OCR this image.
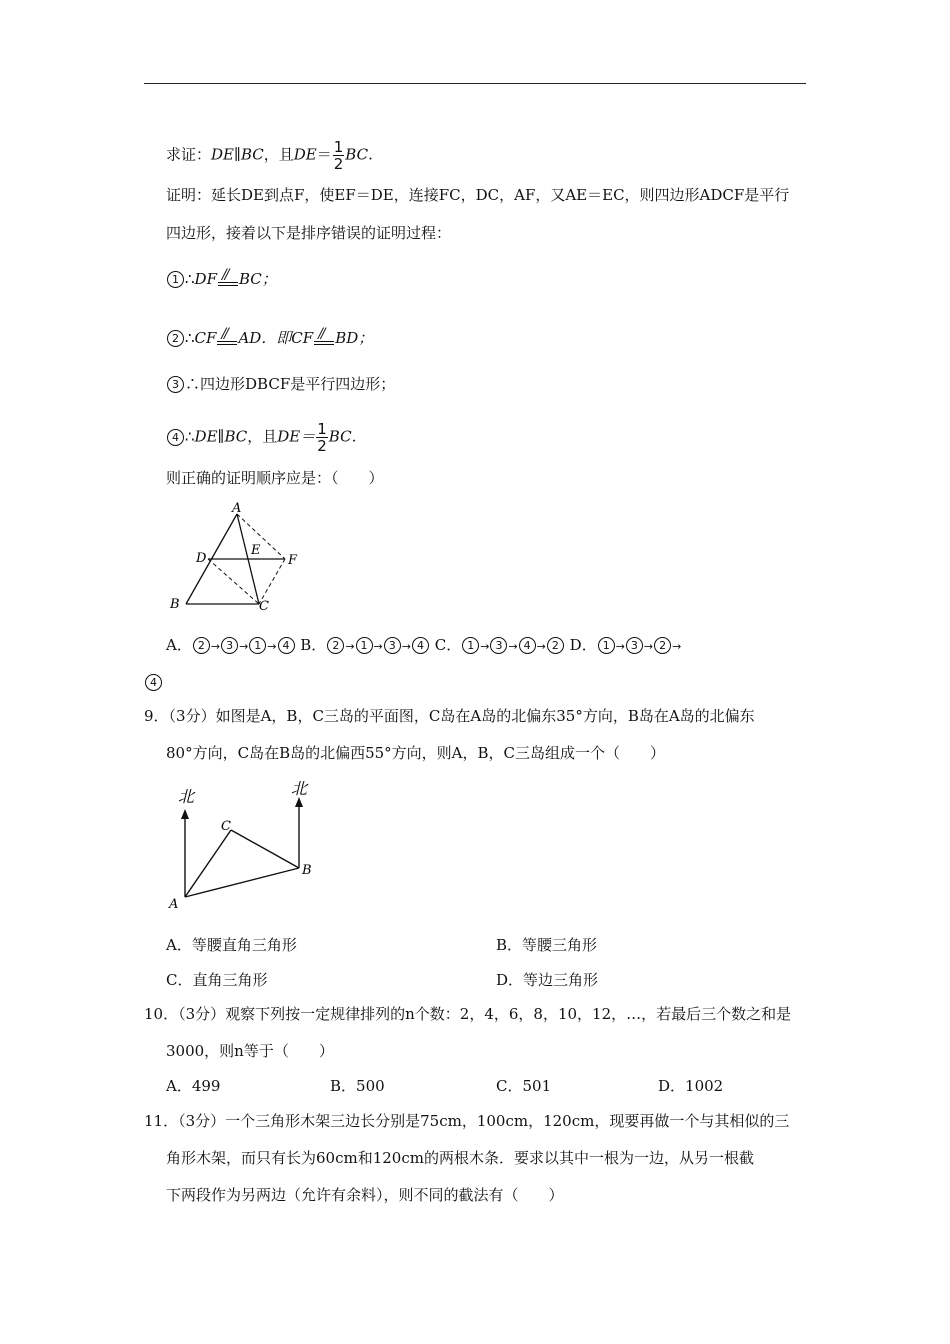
求证：DE∥BC，且$DE= \frac{1}{2}$ BC.
证明：延长DE到点F，使EF＝DE，连接FC，DC，AF，又AE＝EC，则四边形ADCF是平行
四边形，接着以下是排序错误的证明过程：
1 ∴DF // BC；
2 ∴CF // AD．即CF // BD；
3 ∴四边形DBCF是平行四边形；
4 ∴DE∥BC，且$DE= \frac{1}{2}$ BC．
则正确的证明顺序应是：（　　）
A
B	C
D
E
F
A． 2 → 3 → 1 → 4 B． 2 → 1 → 3 → 4 C． 1 → 3 → 4 → 2 D． 1 → 3 → 2 →
4
9．（3分）如图是A，B，C三岛的平面图，C岛在A岛的北偏东35°方向，B岛在A岛的北偏东
80°方向，C岛在B岛的北偏西55°方向，则A，B，C三岛组成一个（　　）
北	北
A
B
C
A．等腰直角三角形	B．等腰三角形
C．直角三角形	D．等边三角形
10．（3分）观察下列按一定规律排列的n个数：2，4，6，8，10，12，…，若最后三个数之和是
3000，则n等于（　　）
A．499	B．500	C．501	D．1002
11．（3分）一个三角形木架三边长分别是75cm，100cm，120cm，现要再做一个与其相似的三
角形木架，而只有长为60cm和120cm的两根木条．要求以其中一根为一边，从另一根截
下两段作为另两边（允许有余料），则不同的截法有（　　）
